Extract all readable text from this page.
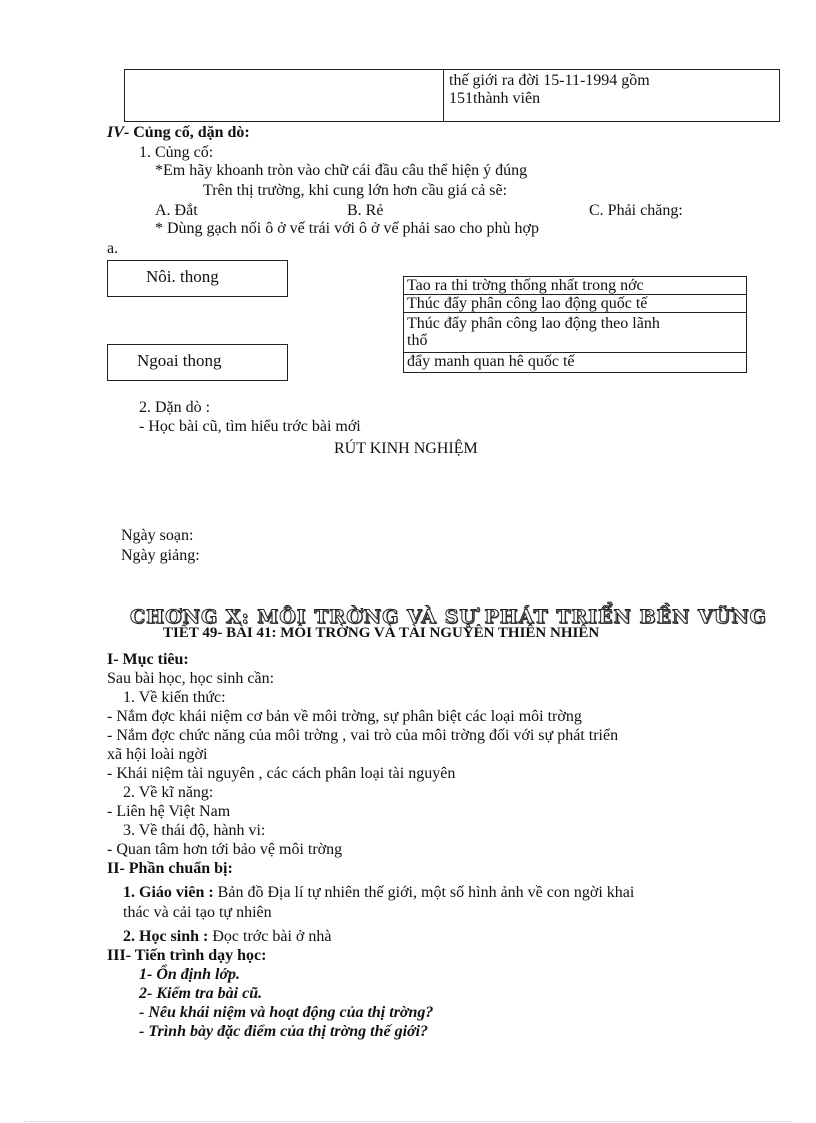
thế giới ra đời 15-11-1994 gồm
151thành viên
IV- Củng cố, dặn dò:
1. Củng cố:
*Em hãy khoanh tròn vào chữ cái đầu câu thể hiện ý đúng
Trên thị trường, khi cung lớn hơn cầu giá cả sẽ:
A. Đắt	B. Rẻ	C. Phải chăng:
* Dùng gạch nối ô ở vế trái với ô ở vế phải sao cho phù hợp
a.
Nôi. thong
Ngoai thong
Tao ra thi trờng thống nhất trong nớc
Thúc đẩy phân công lao động quốc tế
Thúc đẩy phân công lao động theo lãnh
thổ
đẩy manh quan hê quốc tế
2. Dặn dò :
- Học bài cũ, tìm hiểu trớc bài mới
RÚT KINH NGHIỆM
Ngày soạn:
Ngày giảng:
CHƠNG X: MÔI TRỜNG VÀ SỰ PHÁT TRIỂN BỀN VỮNG
TIẾT 49- BÀI 41: MÔI TRỜNG VÀ TÀI NGUYÊN THIÊN NHIÊN
I- Mục tiêu:
Sau bài học, học sinh cần:
1. Về kiến thức:
- Nắm đợc khái niệm cơ bản về môi trờng, sự phân biệt các loại môi trờng
- Nắm đợc chức năng của môi trờng , vai trò của môi trờng đối với sự phát triển
xã hội loài ngời
- Khái niệm tài nguyên , các cách phân loại tài nguyên
2. Về kĩ năng:
- Liên hệ Việt Nam
3. Về thái độ, hành vi:
- Quan tâm hơn tới bảo vệ môi trờng
II- Phần chuẩn bị:
1. Giáo viên : Bản đồ Địa lí tự nhiên thế giới, một số hình ảnh về con ngời khai
thác và cải tạo tự nhiên
2. Học sinh : Đọc trớc bài ở nhà
III- Tiến trình dạy học:
1- Ổn định lớp.
2- Kiểm tra bài cũ.
- Nêu khái niệm và hoạt động của thị trờng?
- Trình bày đặc điểm của thị trờng thế giới?
